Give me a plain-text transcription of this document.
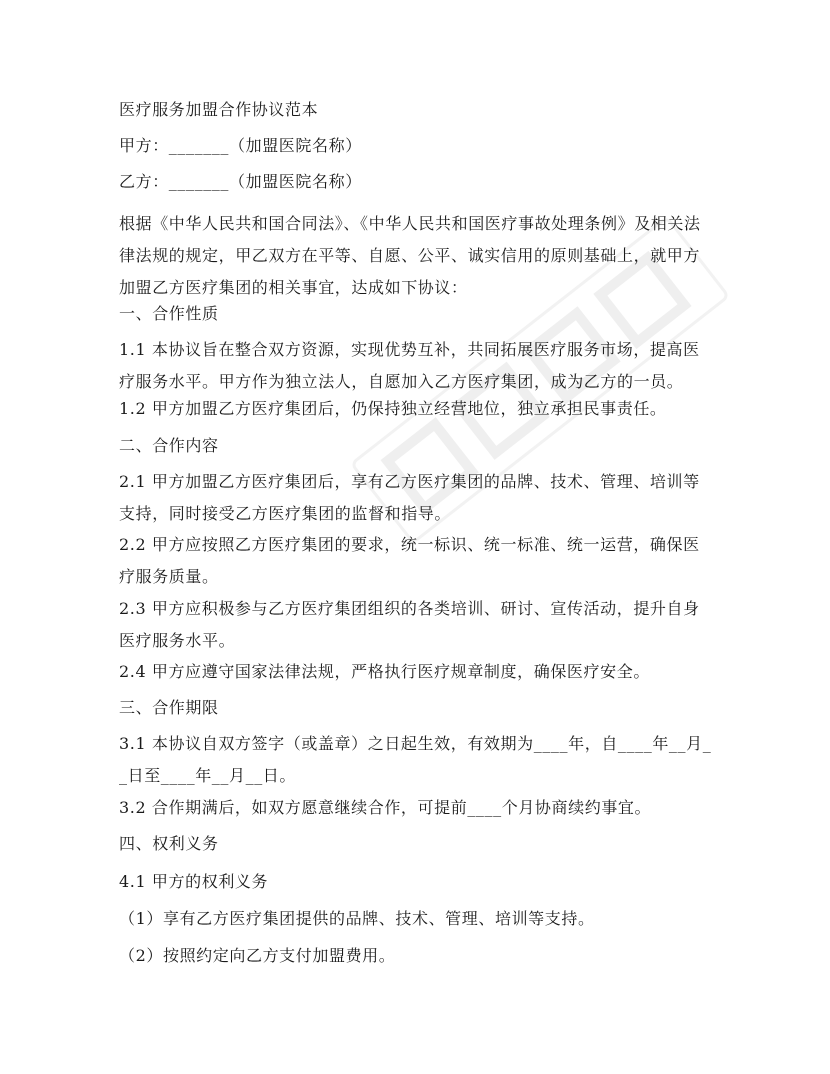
医疗服务加盟合作协议范本

甲方：_______（加盟医院名称）

乙方：_______（加盟医院名称）

根据《中华人民共和国合同法》、《中华人民共和国医疗事故处理条例》及相关法律法规的规定，甲乙双方在平等、自愿、公平、诚实信用的原则基础上，就甲方加盟乙方医疗集团的相关事宜，达成如下协议：

一、合作性质

1.1 本协议旨在整合双方资源，实现优势互补，共同拓展医疗服务市场，提高医疗服务水平。甲方作为独立法人，自愿加入乙方医疗集团，成为乙方的一员。

1.2 甲方加盟乙方医疗集团后，仍保持独立经营地位，独立承担民事责任。

二、合作内容

2.1 甲方加盟乙方医疗集团后，享有乙方医疗集团的品牌、技术、管理、培训等支持，同时接受乙方医疗集团的监督和指导。

2.2 甲方应按照乙方医疗集团的要求，统一标识、统一标准、统一运营，确保医疗服务质量。

2.3 甲方应积极参与乙方医疗集团组织的各类培训、研讨、宣传活动，提升自身医疗服务水平。

2.4 甲方应遵守国家法律法规，严格执行医疗规章制度，确保医疗安全。

三、合作期限

3.1 本协议自双方签字（或盖章）之日起生效，有效期为____年，自____年__月__日至____年__月__日。

3.2 合作期满后，如双方愿意继续合作，可提前____个月协商续约事宜。

四、权利义务

4.1 甲方的权利义务

（1）享有乙方医疗集团提供的品牌、技术、管理、培训等支持。

（2）按照约定向乙方支付加盟费用。
